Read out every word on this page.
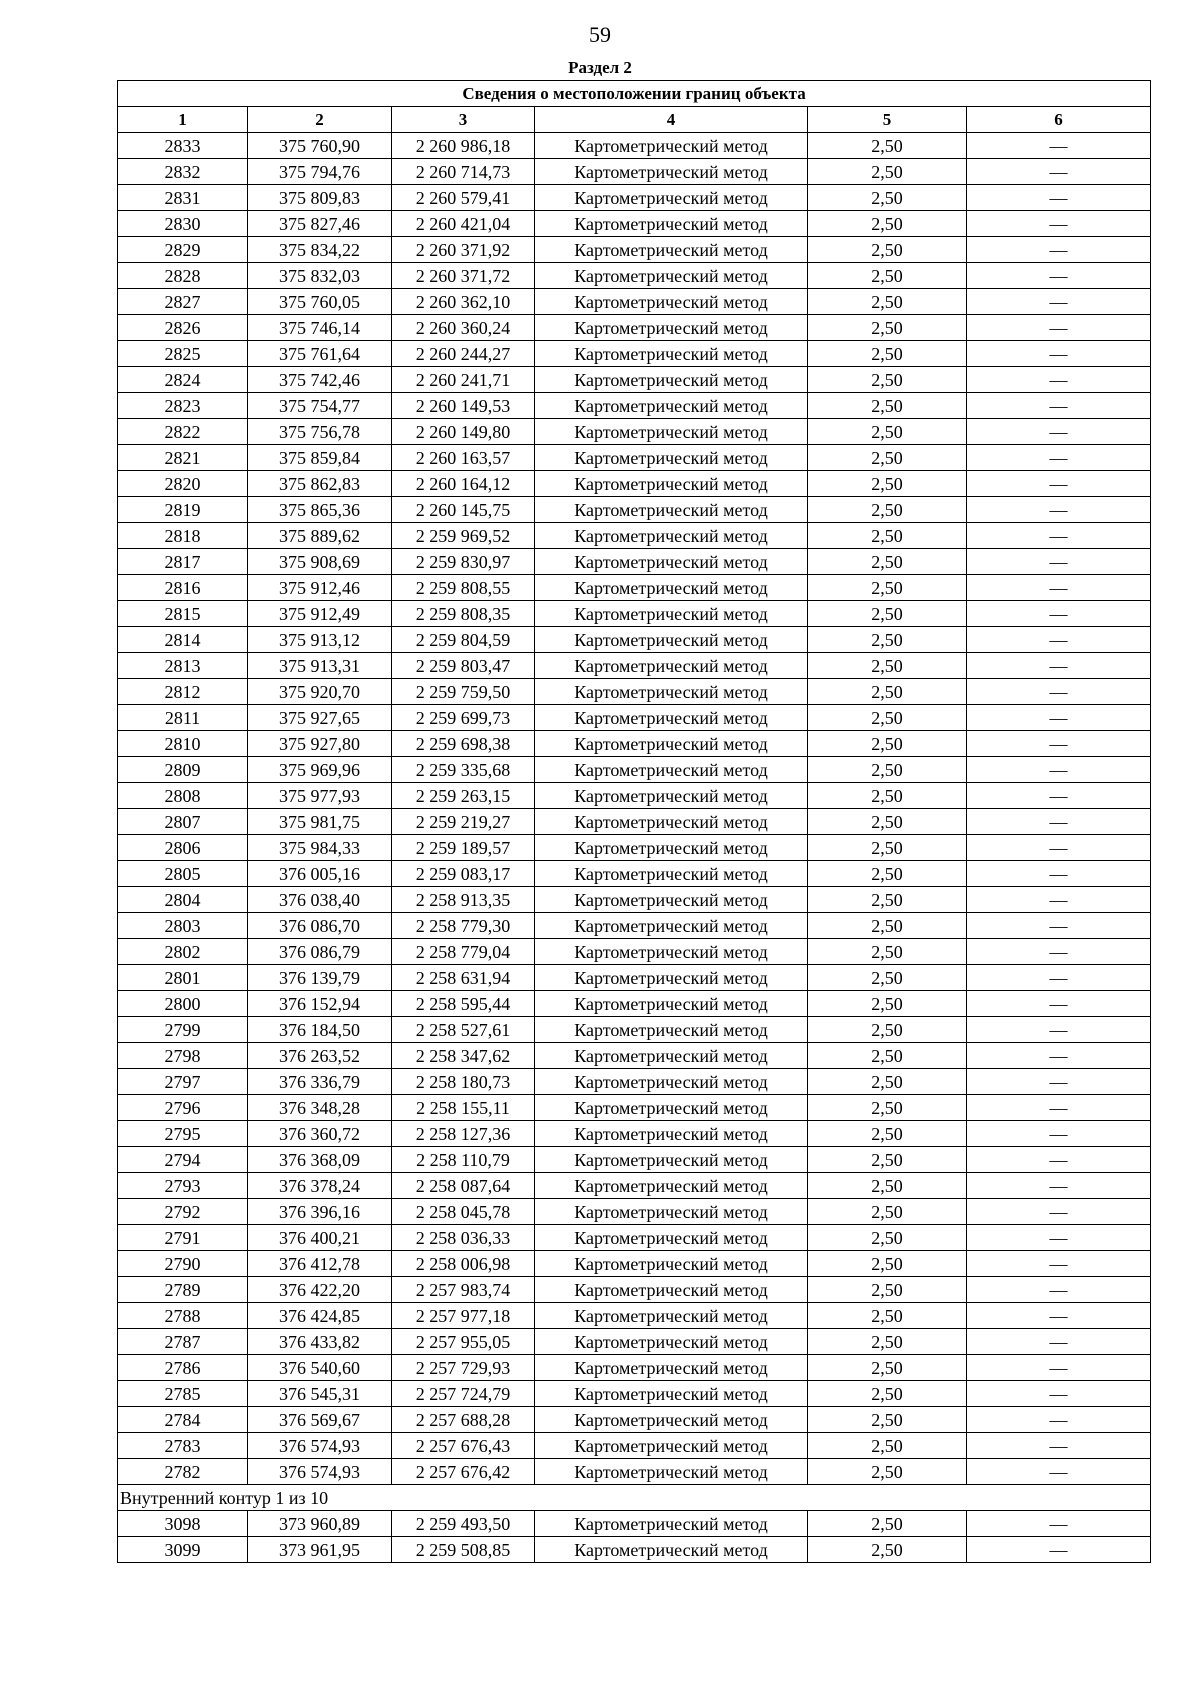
59
Раздел 2
Сведения о местоположении границ объекта					
1	2	3	4	5	6
2833	375 760,90	2 260 986,18	Картометрический метод	2,50	—
2832	375 794,76	2 260 714,73	Картометрический метод	2,50	—
2831	375 809,83	2 260 579,41	Картометрический метод	2,50	—
2830	375 827,46	2 260 421,04	Картометрический метод	2,50	—
2829	375 834,22	2 260 371,92	Картометрический метод	2,50	—
2828	375 832,03	2 260 371,72	Картометрический метод	2,50	—
2827	375 760,05	2 260 362,10	Картометрический метод	2,50	—
2826	375 746,14	2 260 360,24	Картометрический метод	2,50	—
2825	375 761,64	2 260 244,27	Картометрический метод	2,50	—
2824	375 742,46	2 260 241,71	Картометрический метод	2,50	—
2823	375 754,77	2 260 149,53	Картометрический метод	2,50	—
2822	375 756,78	2 260 149,80	Картометрический метод	2,50	—
2821	375 859,84	2 260 163,57	Картометрический метод	2,50	—
2820	375 862,83	2 260 164,12	Картометрический метод	2,50	—
2819	375 865,36	2 260 145,75	Картометрический метод	2,50	—
2818	375 889,62	2 259 969,52	Картометрический метод	2,50	—
2817	375 908,69	2 259 830,97	Картометрический метод	2,50	—
2816	375 912,46	2 259 808,55	Картометрический метод	2,50	—
2815	375 912,49	2 259 808,35	Картометрический метод	2,50	—
2814	375 913,12	2 259 804,59	Картометрический метод	2,50	—
2813	375 913,31	2 259 803,47	Картометрический метод	2,50	—
2812	375 920,70	2 259 759,50	Картометрический метод	2,50	—
2811	375 927,65	2 259 699,73	Картометрический метод	2,50	—
2810	375 927,80	2 259 698,38	Картометрический метод	2,50	—
2809	375 969,96	2 259 335,68	Картометрический метод	2,50	—
2808	375 977,93	2 259 263,15	Картометрический метод	2,50	—
2807	375 981,75	2 259 219,27	Картометрический метод	2,50	—
2806	375 984,33	2 259 189,57	Картометрический метод	2,50	—
2805	376 005,16	2 259 083,17	Картометрический метод	2,50	—
2804	376 038,40	2 258 913,35	Картометрический метод	2,50	—
2803	376 086,70	2 258 779,30	Картометрический метод	2,50	—
2802	376 086,79	2 258 779,04	Картометрический метод	2,50	—
2801	376 139,79	2 258 631,94	Картометрический метод	2,50	—
2800	376 152,94	2 258 595,44	Картометрический метод	2,50	—
2799	376 184,50	2 258 527,61	Картометрический метод	2,50	—
2798	376 263,52	2 258 347,62	Картометрический метод	2,50	—
2797	376 336,79	2 258 180,73	Картометрический метод	2,50	—
2796	376 348,28	2 258 155,11	Картометрический метод	2,50	—
2795	376 360,72	2 258 127,36	Картометрический метод	2,50	—
2794	376 368,09	2 258 110,79	Картометрический метод	2,50	—
2793	376 378,24	2 258 087,64	Картометрический метод	2,50	—
2792	376 396,16	2 258 045,78	Картометрический метод	2,50	—
2791	376 400,21	2 258 036,33	Картометрический метод	2,50	—
2790	376 412,78	2 258 006,98	Картометрический метод	2,50	—
2789	376 422,20	2 257 983,74	Картометрический метод	2,50	—
2788	376 424,85	2 257 977,18	Картометрический метод	2,50	—
2787	376 433,82	2 257 955,05	Картометрический метод	2,50	—
2786	376 540,60	2 257 729,93	Картометрический метод	2,50	—
2785	376 545,31	2 257 724,79	Картометрический метод	2,50	—
2784	376 569,67	2 257 688,28	Картометрический метод	2,50	—
2783	376 574,93	2 257 676,43	Картометрический метод	2,50	—
2782	376 574,93	2 257 676,42	Картометрический метод	2,50	—
Внутренний контур 1 из 10					
3098	373 960,89	2 259 493,50	Картометрический метод	2,50	—
3099	373 961,95	2 259 508,85	Картометрический метод	2,50	—
